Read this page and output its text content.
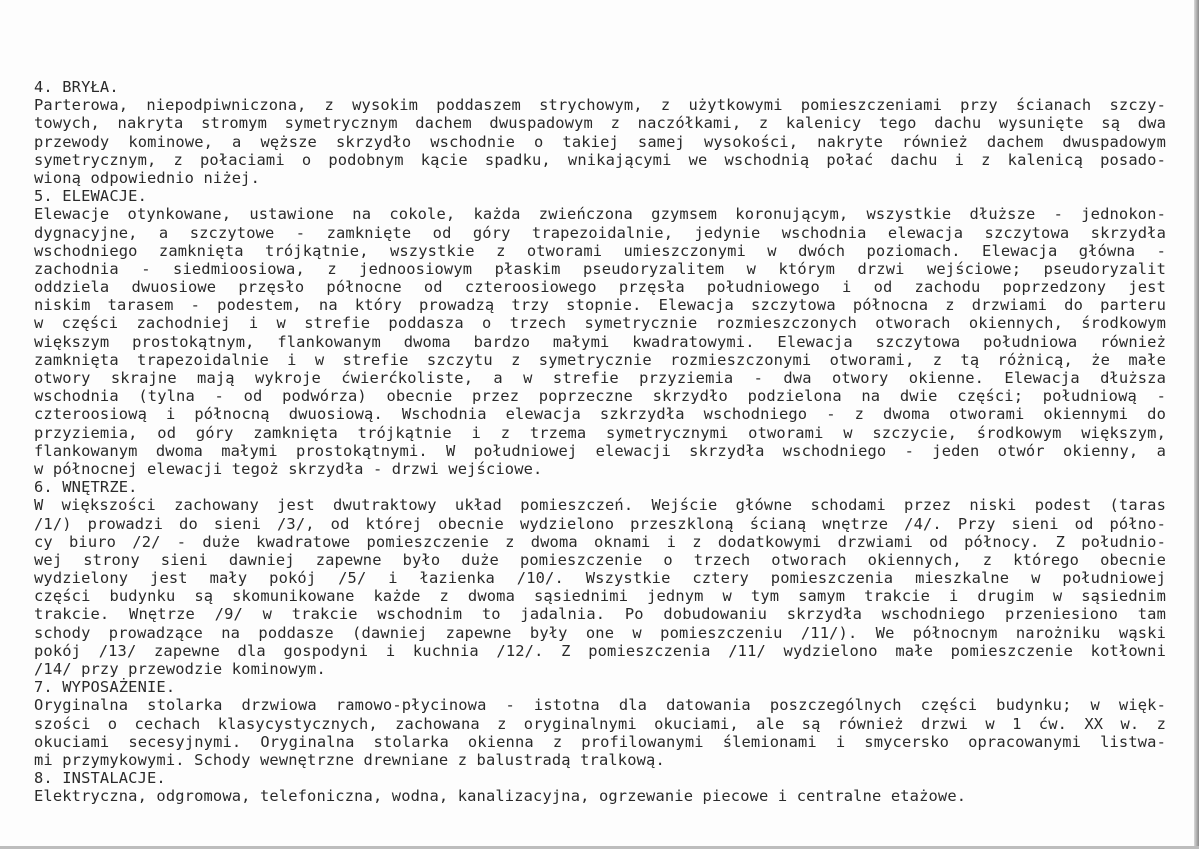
4. BRYŁA.
Parterowa, niepodpiwniczona, z wysokim poddaszem strychowym, z użytkowymi pomieszczeniami przy ścianach szczy-
towych, nakryta stromym symetrycznym dachem dwuspadowym z naczółkami, z kalenicy tego dachu wysunięte są dwa
przewody kominowe, a węższe skrzydło wschodnie o takiej samej wysokości, nakryte również dachem dwuspadowym
symetrycznym, z połaciami o podobnym kącie spadku, wnikającymi we wschodnią połać dachu i z kalenicą posado-
wioną odpowiednio niżej.
5. ELEWACJE.
Elewacje otynkowane, ustawione na cokole, każda zwieńczona gzymsem koronującym, wszystkie dłuższe - jednokon-
dygnacyjne, a szczytowe - zamknięte od góry trapezoidalnie, jedynie wschodnia elewacja szczytowa skrzydła
wschodniego zamknięta trójkątnie, wszystkie z otworami umieszczonymi w dwóch poziomach. Elewacja główna -
zachodnia - siedmioosiowa, z jednoosiowym płaskim pseudoryzalitem w którym drzwi wejściowe; pseudoryzalit
oddziela dwuosiowe przęsło północne od czteroosiowego przęsła południowego i od zachodu poprzedzony jest
niskim tarasem - podestem, na który prowadzą trzy stopnie. Elewacja szczytowa północna z drzwiami do parteru
w części zachodniej i w strefie poddasza o trzech symetrycznie rozmieszczonych otworach okiennych, środkowym
większym prostokątnym, flankowanym dwoma bardzo małymi kwadratowymi. Elewacja szczytowa południowa również
zamknięta trapezoidalnie i w strefie szczytu z symetrycznie rozmieszczonymi otworami, z tą różnicą, że małe
otwory skrajne mają wykroje ćwierćkoliste, a w strefie przyziemia - dwa otwory okienne. Elewacja dłuższa
wschodnia (tylna - od podwórza) obecnie przez poprzeczne skrzydło podzielona na dwie części; południową -
czteroosiową i północną dwuosiową. Wschodnia elewacja szkrzydła wschodniego - z dwoma otworami okiennymi do
przyziemia, od góry zamknięta trójkątnie i z trzema symetrycznymi otworami w szczycie, środkowym większym,
flankowanym dwoma małymi prostokątnymi. W południowej elewacji skrzydła wschodniego - jeden otwór okienny, a
w północnej elewacji tegoż skrzydła - drzwi wejściowe.
6. WNĘTRZE.
W większości zachowany jest dwutraktowy układ pomieszczeń. Wejście główne schodami przez niski podest (taras
/1/) prowadzi do sieni /3/, od której obecnie wydzielono przeszkloną ścianą wnętrze /4/. Przy sieni od półno-
cy biuro /2/ - duże kwadratowe pomieszczenie z dwoma oknami i z dodatkowymi drzwiami od północy. Z południo-
wej strony sieni dawniej zapewne było duże pomieszczenie o trzech otworach okiennych, z którego obecnie
wydzielony jest mały pokój /5/ i łazienka /10/. Wszystkie cztery pomieszczenia mieszkalne w południowej
części budynku są skomunikowane każde z dwoma sąsiednimi jednym w tym samym trakcie i drugim w sąsiednim
trakcie. Wnętrze /9/ w trakcie wschodnim to jadalnia. Po dobudowaniu skrzydła wschodniego przeniesiono tam
schody prowadzące na poddasze (dawniej zapewne były one w pomieszczeniu /11/). We północnym narożniku wąski
pokój /13/ zapewne dla gospodyni i kuchnia /12/. Z pomieszczenia /11/ wydzielono małe pomieszczenie kotłowni
/14/ przy przewodzie kominowym.
7. WYPOSAŻENIE.
Oryginalna stolarka drzwiowa ramowo-płycinowa - istotna dla datowania poszczególnych części budynku; w więk-
szości o cechach klasycystycznych, zachowana z oryginalnymi okuciami, ale są również drzwi w 1 ćw. XX w. z
okuciami secesyjnymi. Oryginalna stolarka okienna z profilowanymi ślemionami i smycersko opracowanymi listwa-
mi przymykowymi. Schody wewnętrzne drewniane z balustradą tralkową.
8. INSTALACJE.
Elektryczna, odgromowa, telefoniczna, wodna, kanalizacyjna, ogrzewanie piecowe i centralne etażowe.
